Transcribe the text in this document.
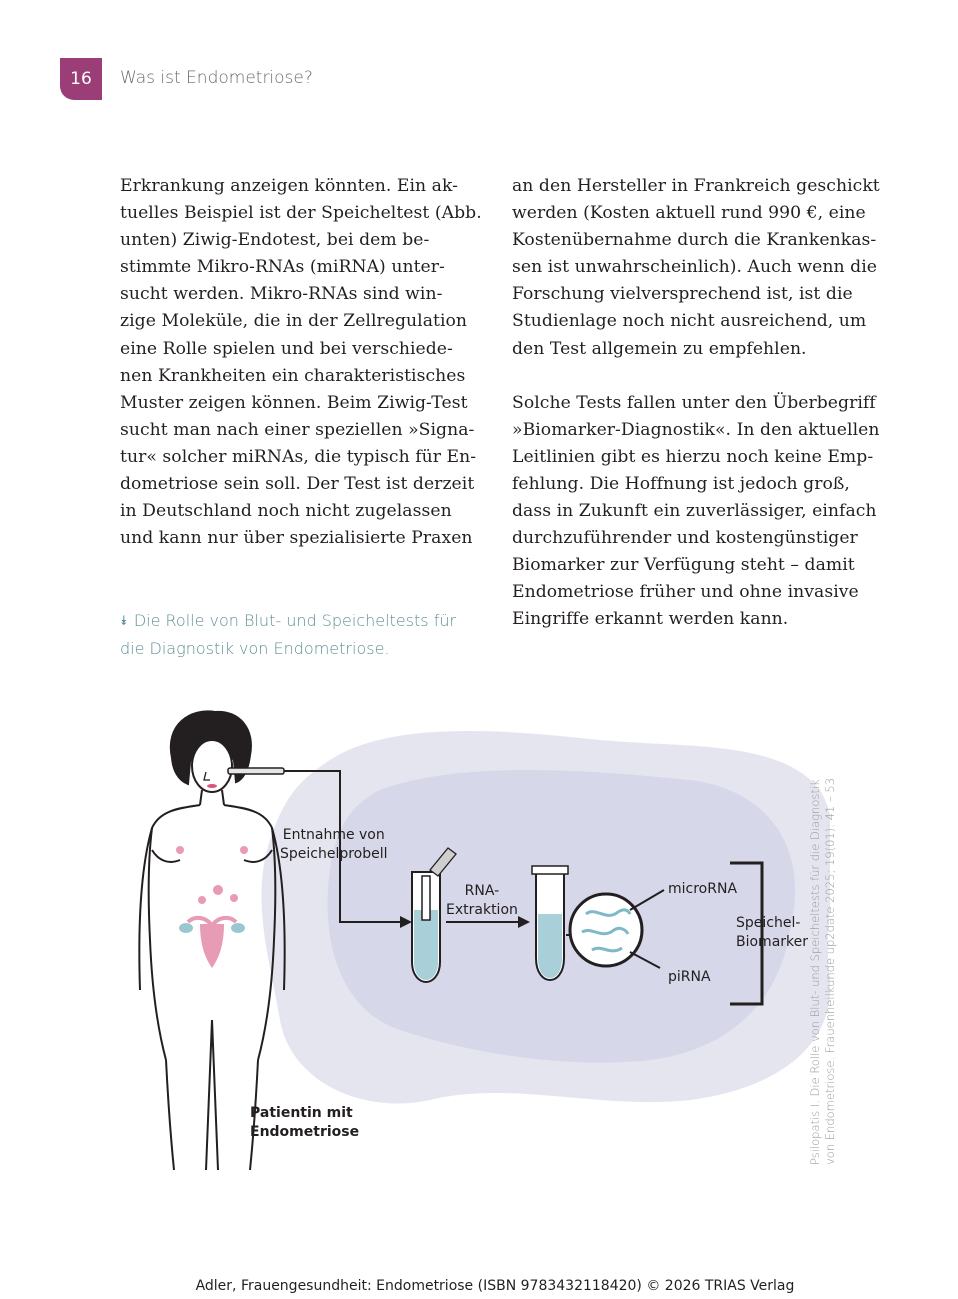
16	Was ist Endometriose?
Erkrankung anzeigen könnten. Ein ak-
tuelles Beispiel ist der Speicheltest (Abb.
unten) Ziwig-Endotest, bei dem be-
stimmte Mikro-RNAs (miRNA) unter-
sucht werden. Mikro-RNAs sind win-
zige Moleküle, die in der Zellregulation
eine Rolle spielen und bei verschiede-
nen Krankheiten ein charakteristisches
Muster zeigen können. Beim Ziwig-Test
sucht man nach einer speziellen »Signa-
tur« solcher miRNAs, die typisch für En-
dometriose sein soll. Der Test ist derzeit
in Deutschland noch nicht zugelassen
und kann nur über spezialisierte Praxen
an den Hersteller in Frankreich geschickt
werden (Kosten aktuell rund 990 €, eine
Kostenübernahme durch die Krankenkas-
sen ist unwahrscheinlich). Auch wenn die
Forschung vielversprechend ist, ist die
Studienlage noch nicht ausreichend, um
den Test allgemein zu empfehlen.
Solche Tests fallen unter den Überbegriff
»Biomarker-Diagnostik«. In den aktuellen
Leitlinien gibt es hierzu noch keine Emp-
fehlung. Die Hoffnung ist jedoch groß,
dass in Zukunft ein zuverlässiger, einfach
durchzuführender und kostengünstiger
Biomarker zur Verfügung steht – damit
Endometriose früher und ohne invasive
Eingriffe erkannt werden kann.
⯯ Die Rolle von Blut- und Speicheltests für
die Diagnostik von Endometriose.
Entnahme von
Speichelprobell
RNA-
Extraktion
microRNA
piRNA
Speichel-
Biomarker
Patientin mit
Endometriose	Psilopatis I. Die Rolle von Blut- und Speicheltests für die Diagnostik von Endometriose. Frauenheilkunde up2date 2025; 19(01): 41 – 53
Adler, Frauengesundheit: Endometriose (ISBN 9783432118420) © 2026 TRIAS Verlag
